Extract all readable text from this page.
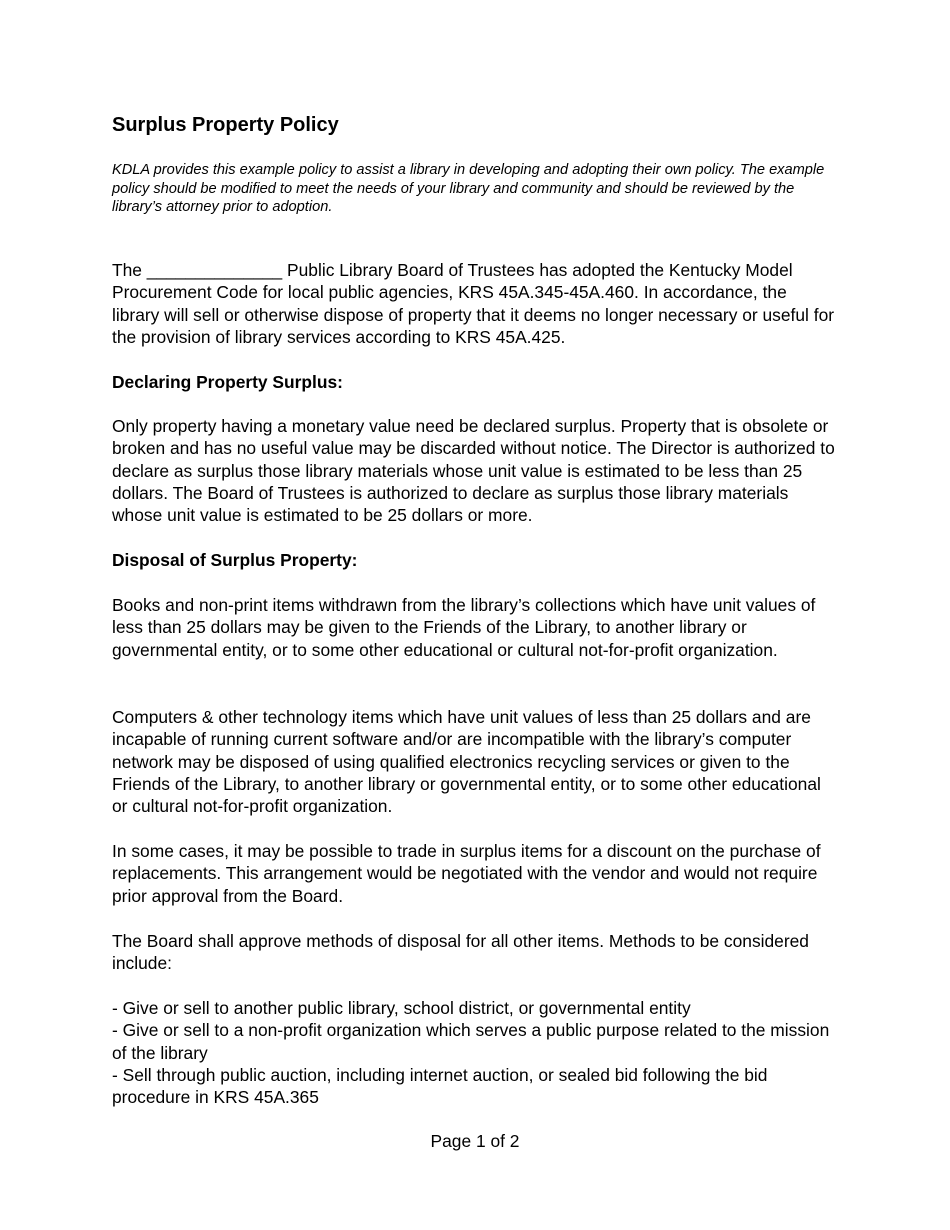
Surplus Property Policy

KDLA provides this example policy to assist a library in developing and adopting their own policy. The example policy should be modified to meet the needs of your library and community and should be reviewed by the library’s attorney prior to adoption.

The ______________ Public Library Board of Trustees has adopted the Kentucky Model Procurement Code for local public agencies, KRS 45A.345-45A.460. In accordance, the library will sell or otherwise dispose of property that it deems no longer necessary or useful for the provision of library services according to KRS 45A.425.

Declaring Property Surplus:

Only property having a monetary value need be declared surplus. Property that is obsolete or broken and has no useful value may be discarded without notice. The Director is authorized to declare as surplus those library materials whose unit value is estimated to be less than 25 dollars. The Board of Trustees is authorized to declare as surplus those library materials whose unit value is estimated to be 25 dollars or more.

Disposal of Surplus Property:

Books and non-print items withdrawn from the library’s collections which have unit values of less than 25 dollars may be given to the Friends of the Library, to another library or governmental entity, or to some other educational or cultural not-for-profit organization.

Computers & other technology items which have unit values of less than 25 dollars and are incapable of running current software and/or are incompatible with the library’s computer network may be disposed of using qualified electronics recycling services or given to the Friends of the Library, to another library or governmental entity, or to some other educational or cultural not-for-profit organization.

In some cases, it may be possible to trade in surplus items for a discount on the purchase of replacements. This arrangement would be negotiated with the vendor and would not require prior approval from the Board.

The Board shall approve methods of disposal for all other items. Methods to be considered include:

- Give or sell to another public library, school district, or governmental entity
- Give or sell to a non-profit organization which serves a public purpose related to the mission of the library
- Sell through public auction, including internet auction, or sealed bid following the bid procedure in KRS 45A.365
Page 1 of 2
